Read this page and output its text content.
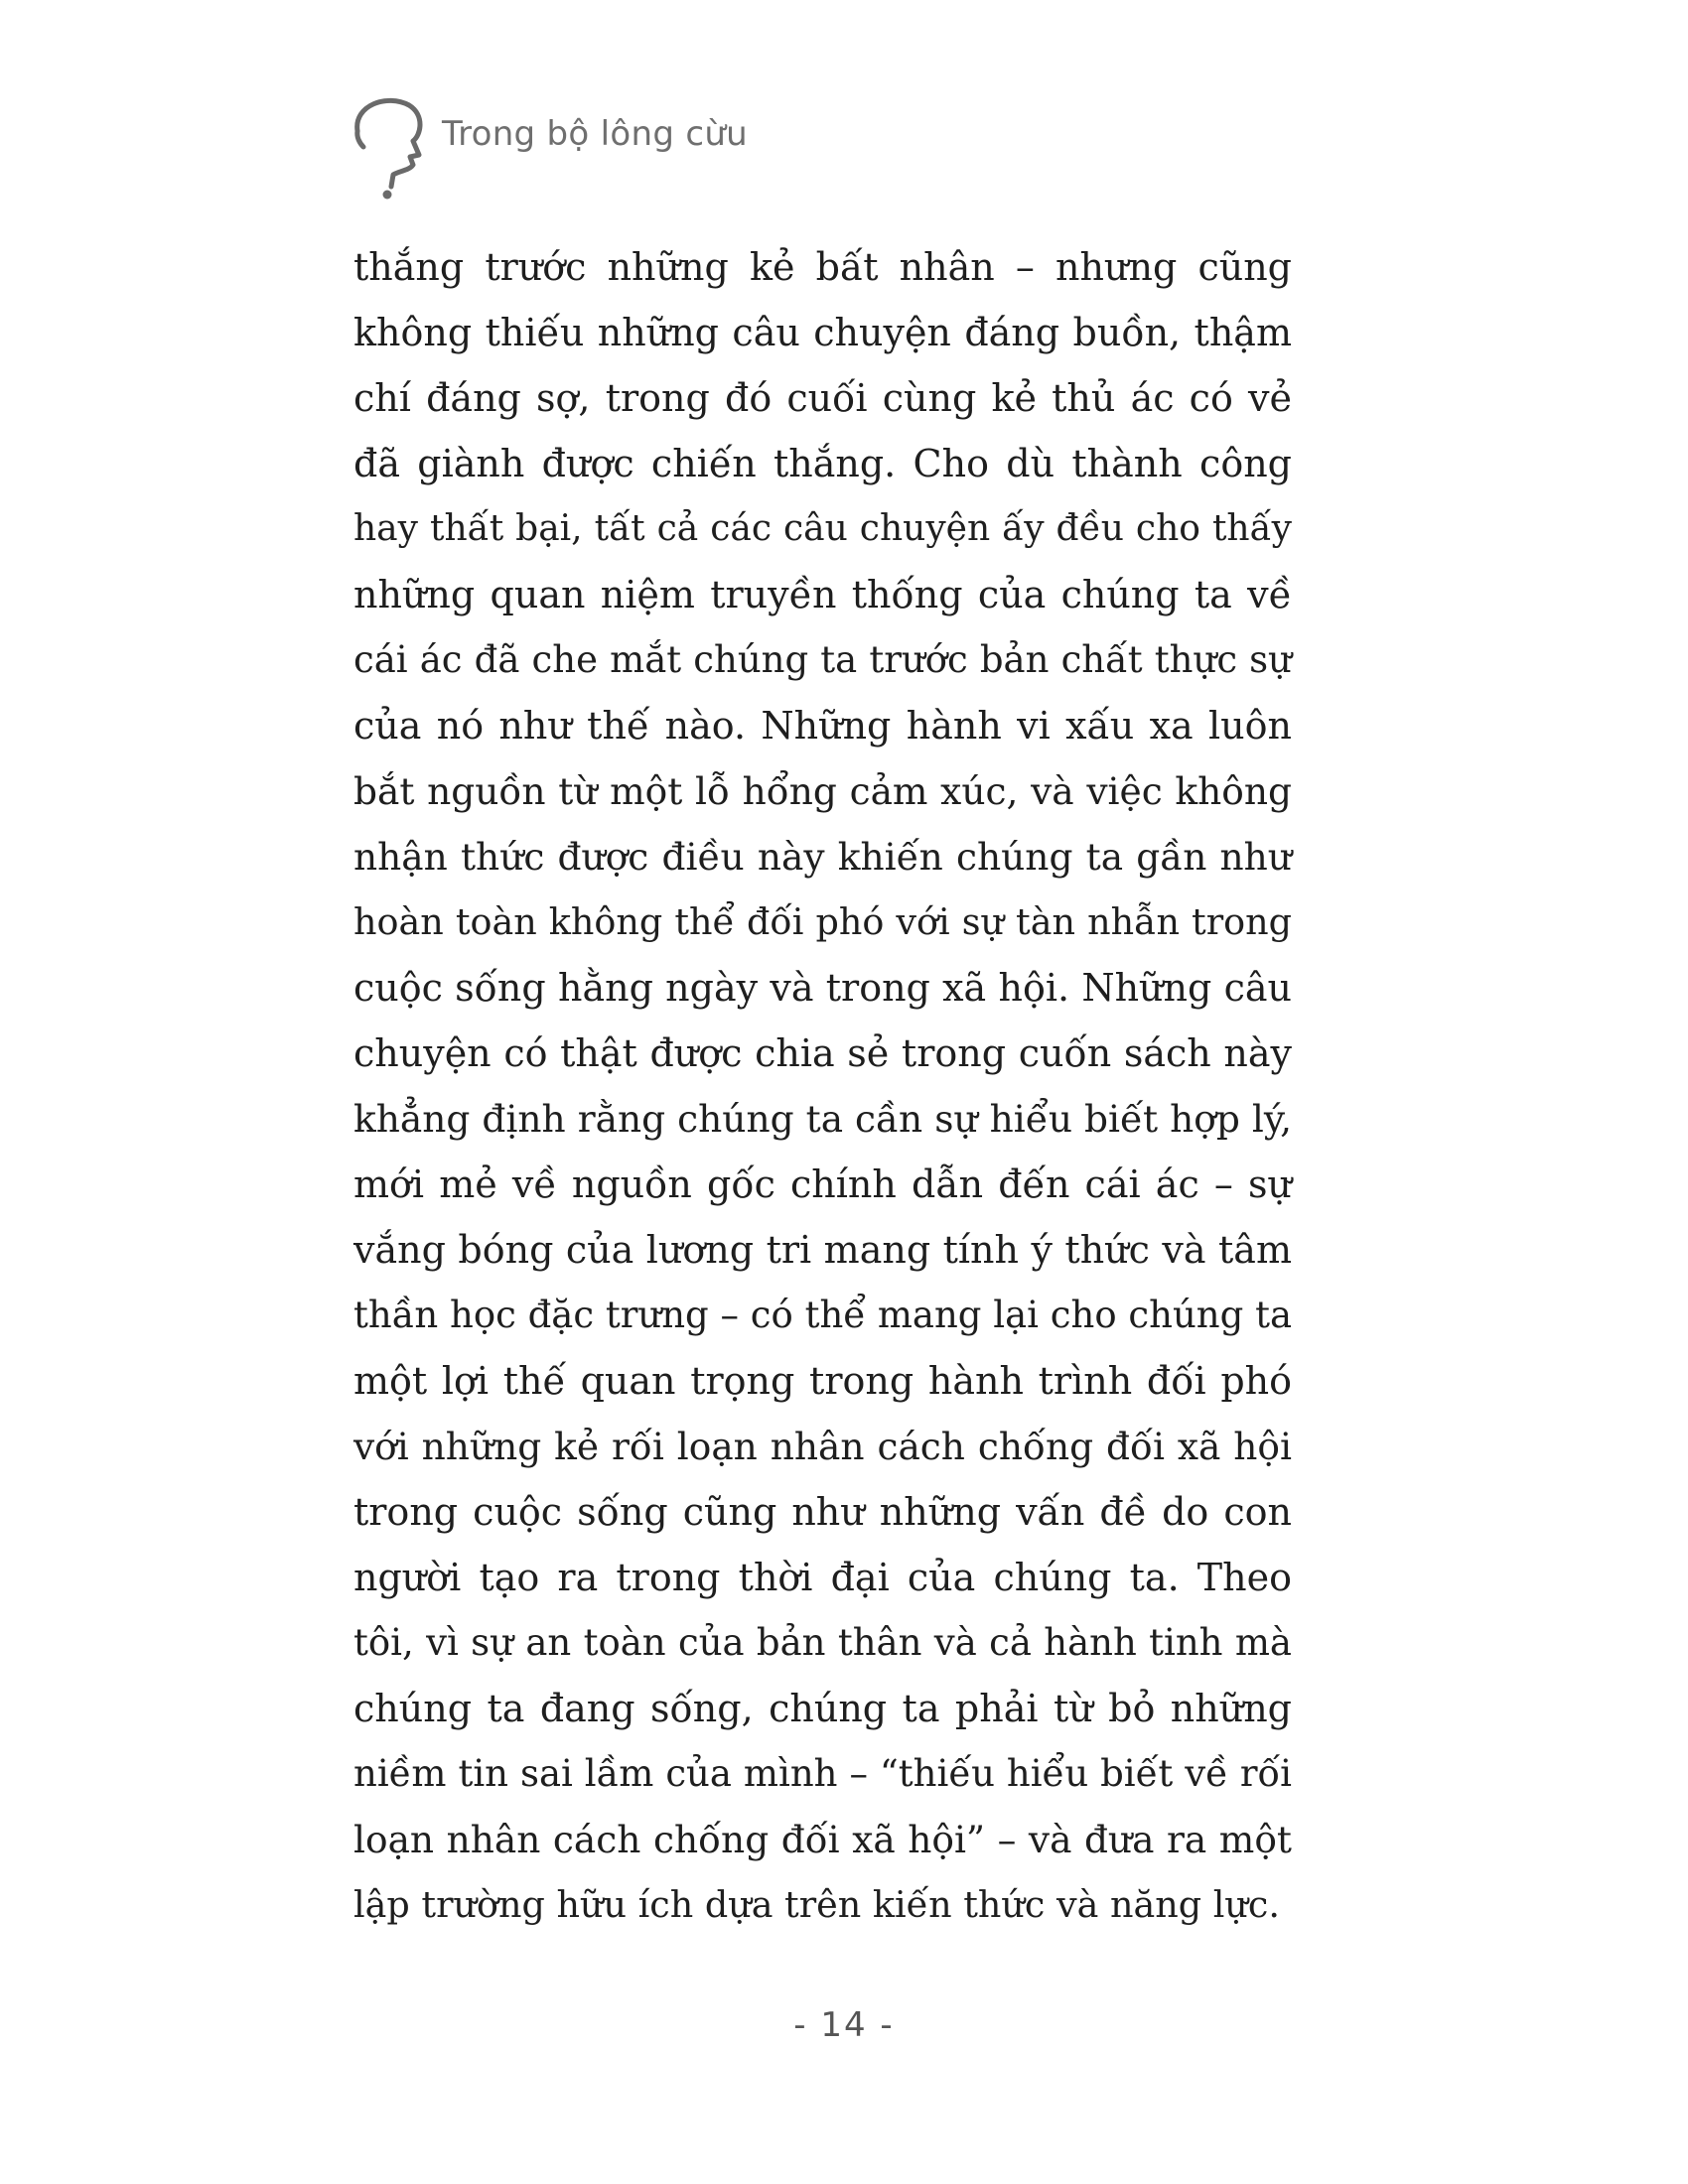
Trong bộ lông cừu
thắng trước những kẻ bất nhân – nhưng cũng
không thiếu những câu chuyện đáng buồn, thậm
chí đáng sợ, trong đó cuối cùng kẻ thủ ác có vẻ
đã giành được chiến thắng. Cho dù thành công
hay thất bại, tất cả các câu chuyện ấy đều cho thấy
những quan niệm truyền thống của chúng ta về
cái ác đã che mắt chúng ta trước bản chất thực sự
của nó như thế nào. Những hành vi xấu xa luôn
bắt nguồn từ một lỗ hổng cảm xúc, và việc không
nhận thức được điều này khiến chúng ta gần như
hoàn toàn không thể đối phó với sự tàn nhẫn trong
cuộc sống hằng ngày và trong xã hội. Những câu
chuyện có thật được chia sẻ trong cuốn sách này
khẳng định rằng chúng ta cần sự hiểu biết hợp lý,
mới mẻ về nguồn gốc chính dẫn đến cái ác – sự
vắng bóng của lương tri mang tính ý thức và tâm
thần học đặc trưng – có thể mang lại cho chúng ta
một lợi thế quan trọng trong hành trình đối phó
với những kẻ rối loạn nhân cách chống đối xã hội
trong cuộc sống cũng như những vấn đề do con
người tạo ra trong thời đại của chúng ta. Theo
tôi, vì sự an toàn của bản thân và cả hành tinh mà
chúng ta đang sống, chúng ta phải từ bỏ những
niềm tin sai lầm của mình – “thiếu hiểu biết về rối
loạn nhân cách chống đối xã hội” – và đưa ra một
lập trường hữu ích dựa trên kiến thức và năng lực.
- 14 -
